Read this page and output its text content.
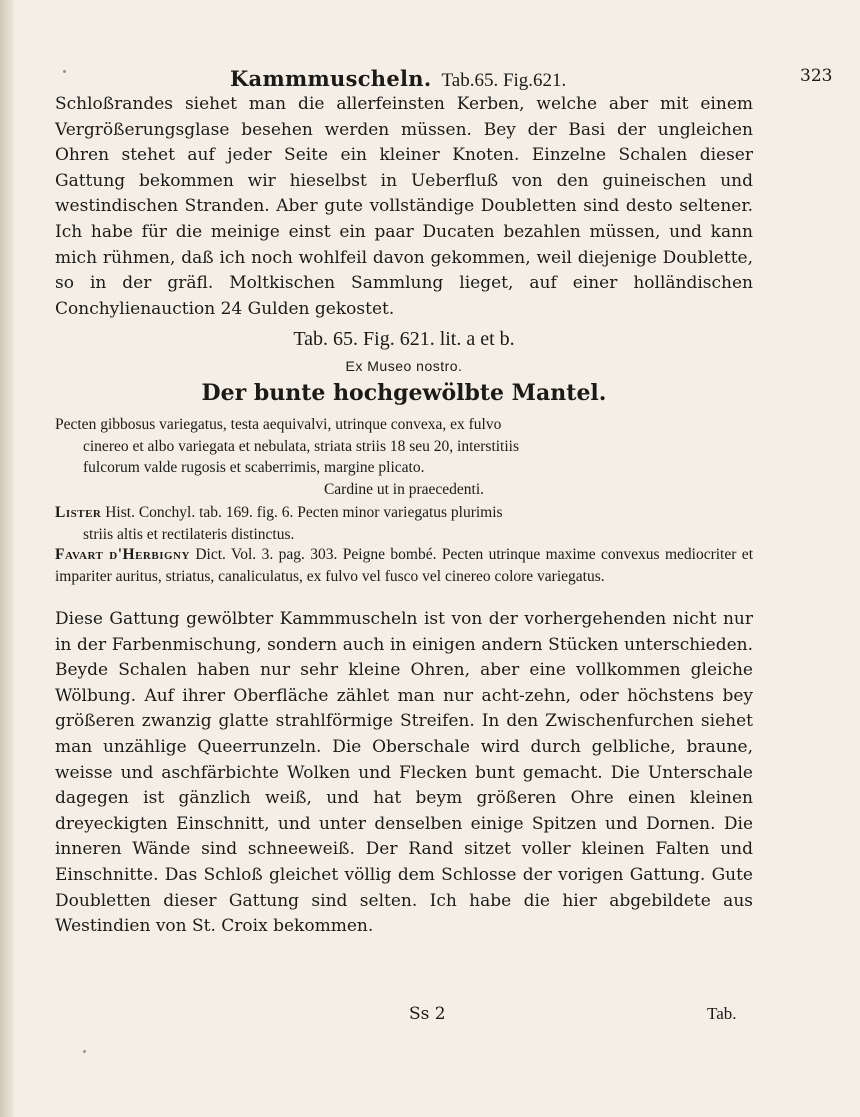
Kammmuscheln. Tab.65. Fig.621.	323
Schloßrandes siehet man die allerfeinsten Kerben, welche aber mit einem Vergrößerungsglase besehen werden müssen. Bey der Basi der ungleichen Ohren stehet auf jeder Seite ein kleiner Knoten. Einzelne Schalen dieser Gattung bekommen wir hieselbst in Ueberfluß von den guineischen und westindischen Stranden. Aber gute vollständige Doubletten sind desto seltener. Ich habe für die meinige einst ein paar Ducaten bezahlen müssen, und kann mich rühmen, daß ich noch wohlfeil davon gekommen, weil diejenige Doublette, so in der gräfl. Moltkischen Sammlung lieget, auf einer holländischen Conchylienauction 24 Gulden gekostet.
Tab. 65. Fig. 621. lit. a et b.
Ex Museo nostro.
Der bunte hochgewölbte Mantel.
Pecten gibbosus variegatus, testa aequivalvi, utrinque convexa, ex fulvo
cinereo et albo variegata et nebulata, striata striis 18 seu 20, interstitiis
fulcorum valde rugosis et scaberrimis, margine plicato.
Cardine ut in praecedenti.
Lister Hist. Conchyl. tab. 169. fig. 6. Pecten minor variegatus plurimis
striis altis et rectilateris distinctus.
Favart d'Herbigny Dict. Vol. 3. pag. 303. Peigne bombé. Pecten utrinque maxime convexus mediocriter et impariter auritus, striatus, canaliculatus, ex fulvo vel fusco vel cinereo colore variegatus.
Diese Gattung gewölbter Kammmuscheln ist von der vorhergehenden nicht nur in der Farbenmischung, sondern auch in einigen andern Stücken unterschieden. Beyde Schalen haben nur sehr kleine Ohren, aber eine vollkommen gleiche Wölbung. Auf ihrer Oberfläche zählet man nur acht-zehn, oder höchstens bey größeren zwanzig glatte strahlförmige Streifen. In den Zwischenfurchen siehet man unzählige Queerrunzeln. Die Oberschale wird durch gelbliche, braune, weisse und aschfärbichte Wolken und Flecken bunt gemacht. Die Unterschale dagegen ist gänzlich weiß, und hat beym größeren Ohre einen kleinen dreyeckigten Einschnitt, und unter denselben einige Spitzen und Dornen. Die inneren Wände sind schneeweiß. Der Rand sitzet voller kleinen Falten und Einschnitte. Das Schloß gleichet völlig dem Schlosse der vorigen Gattung. Gute Doubletten dieser Gattung sind selten. Ich habe die hier abgebildete aus Westindien von St. Croix bekommen.
Ss 2	Tab.
